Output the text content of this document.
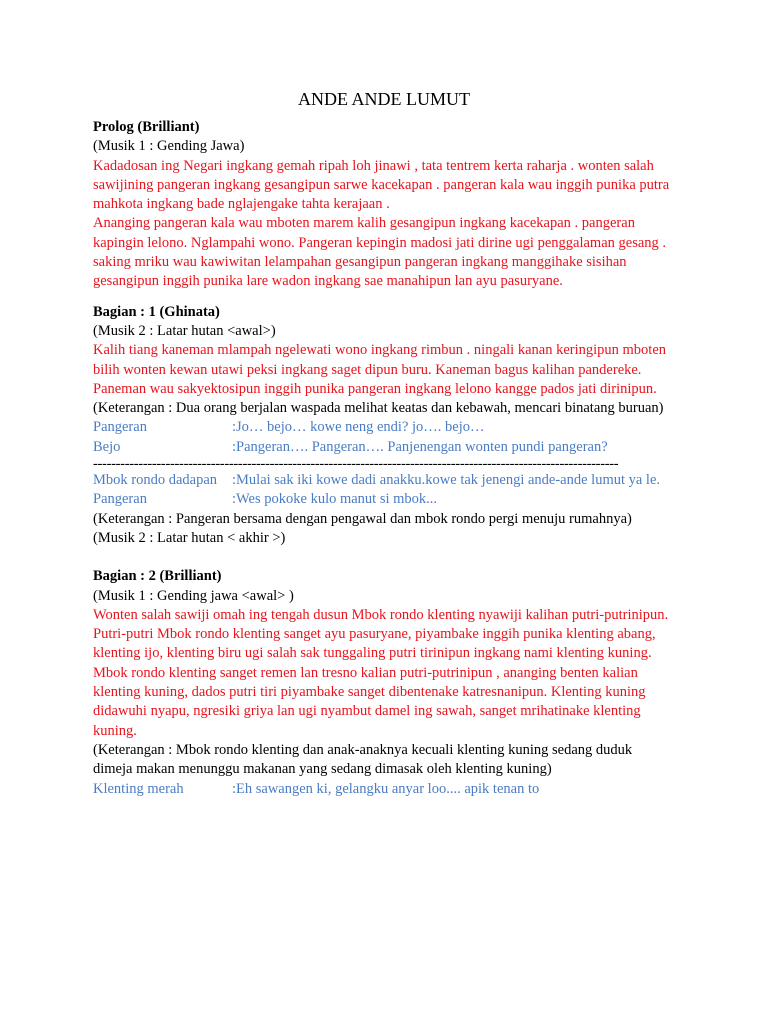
ANDE ANDE LUMUT

Prolog (Brilliant)

(Musik 1 : Gending Jawa)

Kadadosan ing Negari ingkang gemah ripah loh jinawi , tata tentrem kerta raharja . wonten salah sawijining pangeran ingkang gesangipun sarwe kacekapan . pangeran kala wau inggih punika putra mahkota ingkang bade nglajengake tahta kerajaan .

Ananging pangeran kala wau mboten marem kalih gesangipun ingkang kacekapan . pangeran kapingin lelono. Nglampahi wono. Pangeran kepingin madosi jati dirine ugi penggalaman gesang . saking mriku wau kawiwitan lelampahan gesangipun pangeran ingkang manggihake sisihan gesangipun inggih punika lare wadon ingkang sae manahipun lan ayu pasuryane.

Bagian : 1 (Ghinata)

(Musik 2 : Latar hutan <awal>)

Kalih tiang kaneman mlampah ngelewati wono ingkang rimbun . ningali kanan keringipun mboten bilih wonten kewan utawi peksi ingkang saget dipun buru. Kaneman bagus kalihan pandereke. Paneman wau sakyektosipun inggih punika pangeran ingkang lelono kangge pados jati dirinipun.

(Keterangan : Dua orang berjalan waspada melihat keatas dan kebawah, mencari binatang buruan)

Pangeran	:Jo… bejo… kowe neng endi? jo…. bejo…
Bejo	:Pangeran…. Pangeran…. Panjenengan wonten pundi pangeran?

--------------------------------------------------------------------------------------------------------------------

Mbok rondo dadapan	:Mulai sak iki kowe dadi anakku.kowe tak jenengi ande-ande lumut ya le.
Pangeran	:Wes pokoke kulo manut si mbok...

(Keterangan : Pangeran bersama dengan pengawal dan mbok rondo pergi menuju rumahnya)

(Musik 2 : Latar hutan < akhir >)

Bagian : 2 (Brilliant)

(Musik 1 : Gending jawa <awal> )

Wonten salah sawiji omah ing tengah dusun Mbok rondo klenting nyawiji kalihan putri-putrinipun. Putri-putri Mbok rondo klenting sanget ayu pasuryane, piyambake inggih punika klenting abang, klenting ijo, klenting biru ugi salah sak tunggaling putri tirinipun ingkang nami klenting kuning. Mbok rondo klenting sanget remen lan tresno kalian putri-putrinipun , ananging benten kalian klenting kuning, dados putri tiri piyambake sanget dibentenake katresnanipun. Klenting kuning didawuhi nyapu, ngresiki griya lan ugi nyambut damel ing sawah, sanget mrihatinake klenting kuning.

(Keterangan : Mbok rondo klenting dan anak-anaknya kecuali klenting kuning sedang duduk dimeja makan menunggu makanan yang sedang dimasak oleh klenting kuning)

Klenting merah	:Eh sawangen ki, gelangku anyar loo.... apik tenan to
